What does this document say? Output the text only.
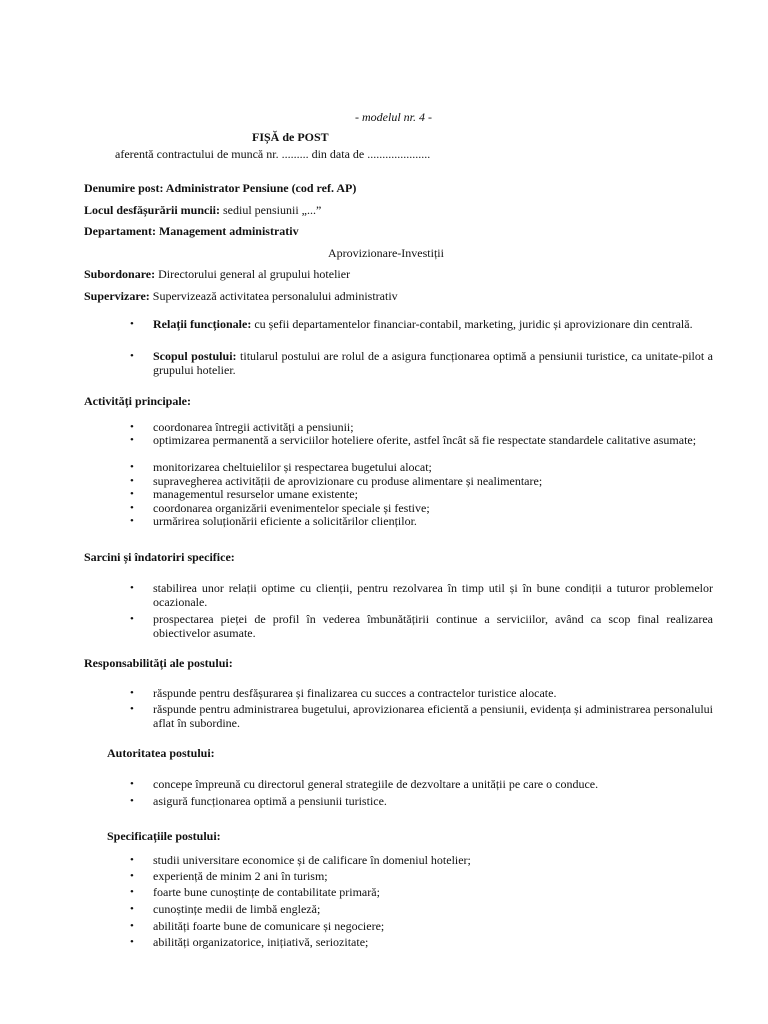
- modelul nr. 4 -
FIȘĂ de POST
aferentă contractului de muncă nr. ......... din data de .....................
Denumire post: Administrator Pensiune (cod ref. AP)
Locul desfășurării muncii: sediul pensiunii „...”
Departament: Management administrativ
Aprovizionare-Investiții
Subordonare: Directorului general al grupului hotelier
Supervizare: Supervizează activitatea personalului administrativ
• Relații funcționale: cu șefii departamentelor financiar-contabil, marketing, juridic și aprovizionare din centrală.
• Scopul postului: titularul postului are rolul de a asigura funcționarea optimă a pensiunii turistice, ca unitate-pilot a grupului hotelier.
Activități principale:
• coordonarea întregii activități a pensiunii;
• optimizarea permanentă a serviciilor hoteliere oferite, astfel încât să fie respectate standardele calitative asumate;
• monitorizarea cheltuielilor și respectarea bugetului alocat;
• supravegherea activității de aprovizionare cu produse alimentare și nealimentare;
• managementul resurselor umane existente;
• coordonarea organizării evenimentelor speciale și festive;
• urmărirea soluționării eficiente a solicitărilor clienților.
Sarcini și îndatoriri specifice:
• stabilirea unor relații optime cu clienții, pentru rezolvarea în timp util și în bune condiții a tuturor problemelor ocazionale.
• prospectarea pieței de profil în vederea îmbunătățirii continue a serviciilor, având ca scop final realizarea obiectivelor asumate.
Responsabilități ale postului:
• răspunde pentru desfășurarea și finalizarea cu succes a contractelor turistice alocate.
• răspunde pentru administrarea bugetului, aprovizionarea eficientă a pensiunii, evidența și administrarea personalului aflat în subordine.
Autoritatea postului:
• concepe împreună cu directorul general strategiile de dezvoltare a unității pe care o conduce.
• asigură funcționarea optimă a pensiunii turistice.
Specificațiile postului:
• studii universitare economice și de calificare în domeniul hotelier;
• experiență de minim 2 ani în turism;
• foarte bune cunoștințe de contabilitate primară;
• cunoștințe medii de limbă engleză;
• abilități foarte bune de comunicare și negociere;
• abilități organizatorice, inițiativă, seriozitate;
